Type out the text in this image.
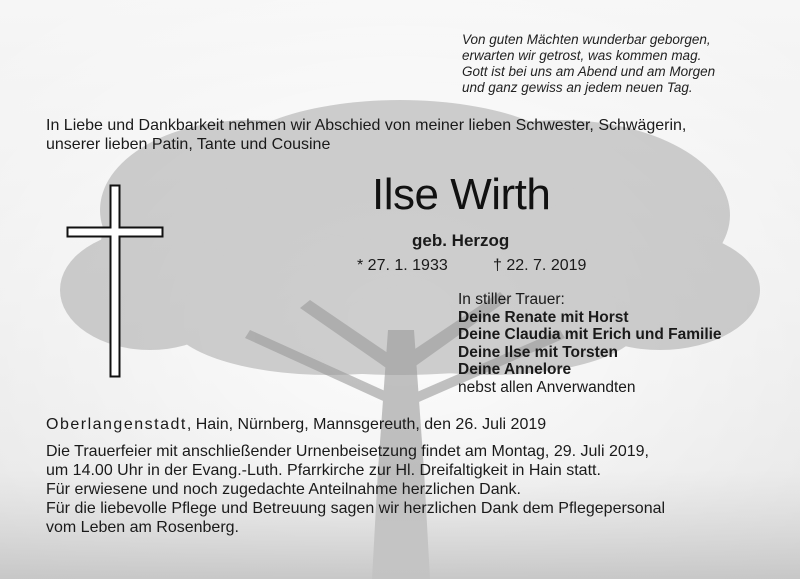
Von guten Mächten wunderbar geborgen,
erwarten wir getrost, was kommen mag.
Gott ist bei uns am Abend und am Morgen
und ganz gewiss an jedem neuen Tag.
In Liebe und Dankbarkeit nehmen wir Abschied von meiner lieben Schwester, Schwägerin,
unserer lieben Patin, Tante und Cousine
Ilse Wirth
geb. Herzog
* 27. 1. 1933	† 22. 7. 2019
In stiller Trauer:
Deine Renate mit Horst
Deine Claudia mit Erich und Familie
Deine Ilse mit Torsten
Deine Annelore
nebst allen Anverwandten
Oberlangenstadt, Hain, Nürnberg, Mannsgereuth, den 26. Juli 2019
Die Trauerfeier mit anschließender Urnenbeisetzung findet am Montag, 29. Juli 2019,
um 14.00 Uhr in der Evang.-Luth. Pfarrkirche zur Hl. Dreifaltigkeit in Hain statt.
Für erwiesene und noch zugedachte Anteilnahme herzlichen Dank.
Für die liebevolle Pflege und Betreuung sagen wir herzlichen Dank dem Pflegepersonal
vom Leben am Rosenberg.
